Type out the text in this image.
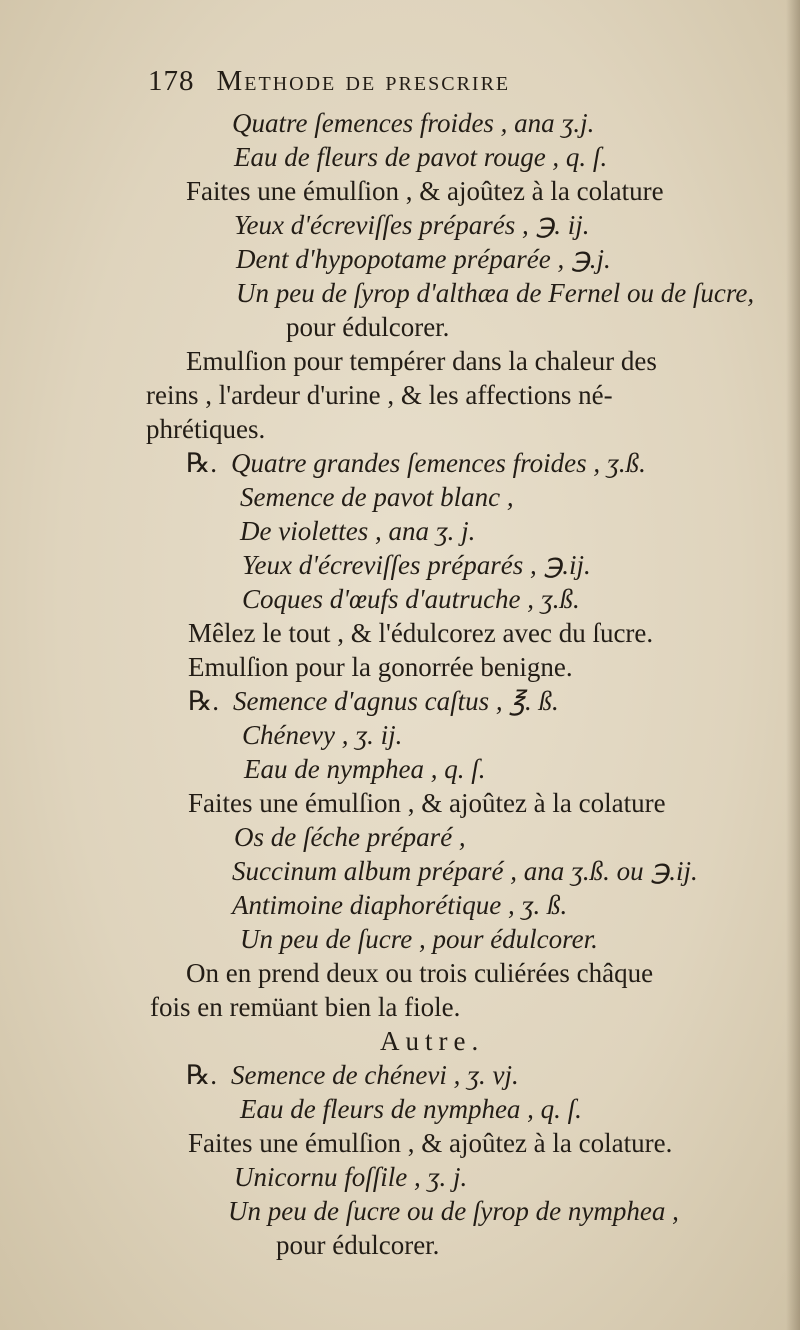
178 Methode de prescrire
Quatre ſemences froides , ana ʒ.j.
Eau de fleurs de pavot rouge , q. ſ.
Faites une émulſion , & ajoûtez à la colature
Yeux d'écreviſſes préparés , ℈. ij.
Dent d'hypopotame préparée , ℈.j.
Un peu de ſyrop d'althæa de Fernel ou de ſucre,
pour édulcorer.
Emulſion pour tempérer dans la chaleur des
reins , l'ardeur d'urine , & les affections né-
phrétiques.
℞. Quatre grandes ſemences froides , ʒ.ß.
Semence de pavot blanc ,
De violettes , ana ʒ. j.
Yeux d'écreviſſes préparés , ℈.ij.
Coques d'œufs d'autruche , ʒ.ß.
Mêlez le tout , & l'édulcorez avec du ſucre.
Emulſion pour la gonorrée benigne.
℞. Semence d'agnus caſtus , ℥. ß.
Chénevy , ʒ. ij.
Eau de nymphea , q. ſ.
Faites une émulſion , & ajoûtez à la colature
Os de ſéche préparé ,
Succinum album préparé , ana ʒ.ß. ou ℈.ij.
Antimoine diaphorétique , ʒ. ß.
Un peu de ſucre , pour édulcorer.
On en prend deux ou trois culiérées châque
fois en remüant bien la fiole.
Autre.
℞. Semence de chénevi , ʒ. vj.
Eau de fleurs de nymphea , q. ſ.
Faites une émulſion , & ajoûtez à la colature.
Unicornu foſſile , ʒ. j.
Un peu de ſucre ou de ſyrop de nymphea ,
pour édulcorer.
